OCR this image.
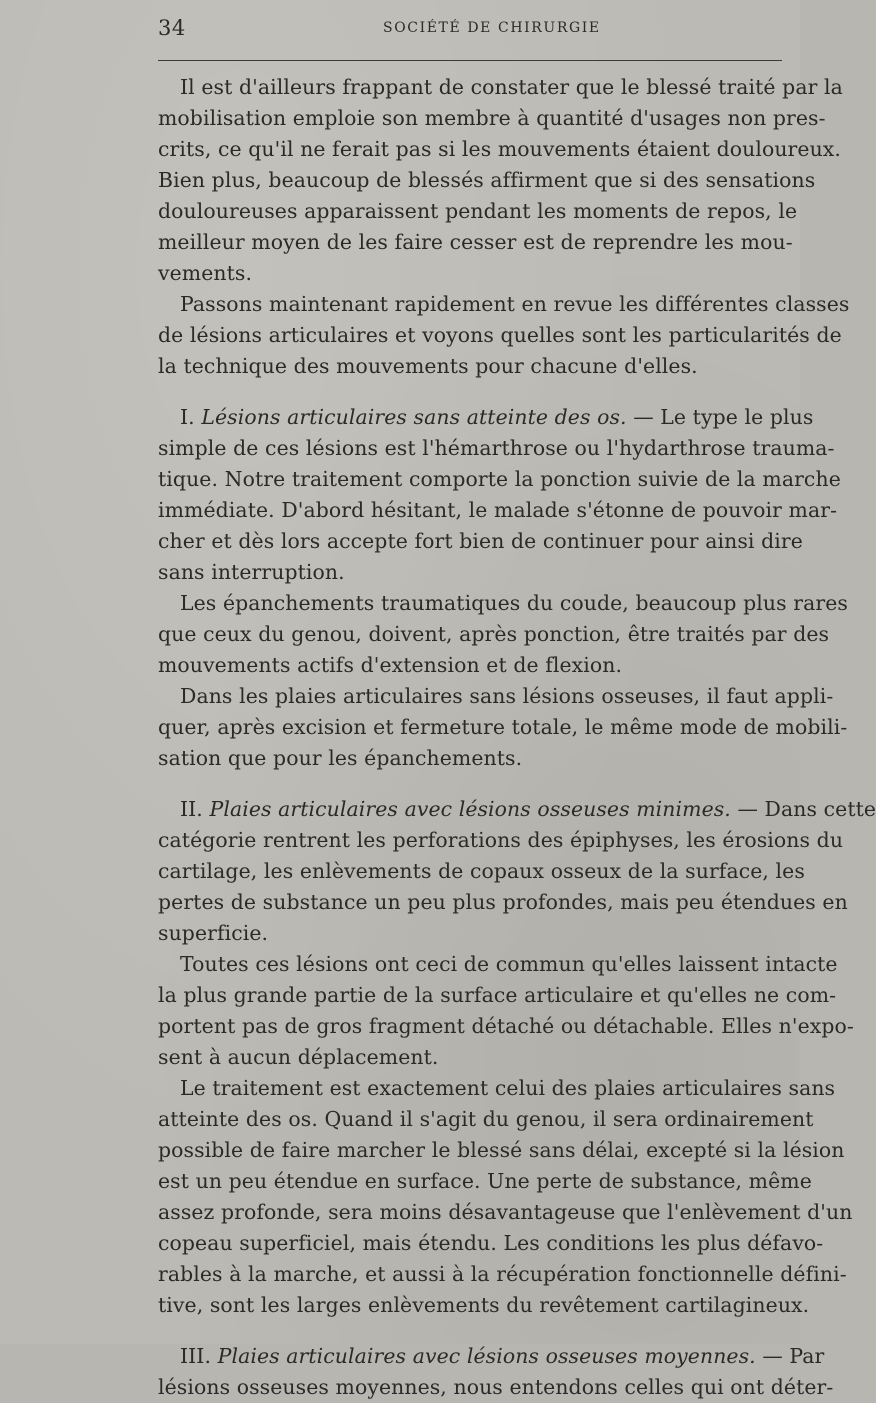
34	SOCIÉTÉ DE CHIRURGIE
Il est d'ailleurs frappant de constater que le blessé traité par la
mobilisation emploie son membre à quantité d'usages non pres-
crits, ce qu'il ne ferait pas si les mouvements étaient douloureux.
Bien plus, beaucoup de blessés affirment que si des sensations
douloureuses apparaissent pendant les moments de repos, le
meilleur moyen de les faire cesser est de reprendre les mou-
vements.
Passons maintenant rapidement en revue les différentes classes
de lésions articulaires et voyons quelles sont les particularités de
la technique des mouvements pour chacune d'elles.
I. Lésions articulaires sans atteinte des os. — Le type le plus
simple de ces lésions est l'hémarthrose ou l'hydarthrose trauma-
tique. Notre traitement comporte la ponction suivie de la marche
immédiate. D'abord hésitant, le malade s'étonne de pouvoir mar-
cher et dès lors accepte fort bien de continuer pour ainsi dire
sans interruption.
Les épanchements traumatiques du coude, beaucoup plus rares
que ceux du genou, doivent, après ponction, être traités par des
mouvements actifs d'extension et de flexion.
Dans les plaies articulaires sans lésions osseuses, il faut appli-
quer, après excision et fermeture totale, le même mode de mobili-
sation que pour les épanchements.
II. Plaies articulaires avec lésions osseuses minimes. — Dans cette
catégorie rentrent les perforations des épiphyses, les érosions du
cartilage, les enlèvements de copaux osseux de la surface, les
pertes de substance un peu plus profondes, mais peu étendues en
superficie.
Toutes ces lésions ont ceci de commun qu'elles laissent intacte
la plus grande partie de la surface articulaire et qu'elles ne com-
portent pas de gros fragment détaché ou détachable. Elles n'expo-
sent à aucun déplacement.
Le traitement est exactement celui des plaies articulaires sans
atteinte des os. Quand il s'agit du genou, il sera ordinairement
possible de faire marcher le blessé sans délai, excepté si la lésion
est un peu étendue en surface. Une perte de substance, même
assez profonde, sera moins désavantageuse que l'enlèvement d'un
copeau superficiel, mais étendu. Les conditions les plus défavo-
rables à la marche, et aussi à la récupération fonctionnelle défini-
tive, sont les larges enlèvements du revêtement cartilagineux.
III. Plaies articulaires avec lésions osseuses moyennes. — Par
lésions osseuses moyennes, nous entendons celles qui ont déter-
